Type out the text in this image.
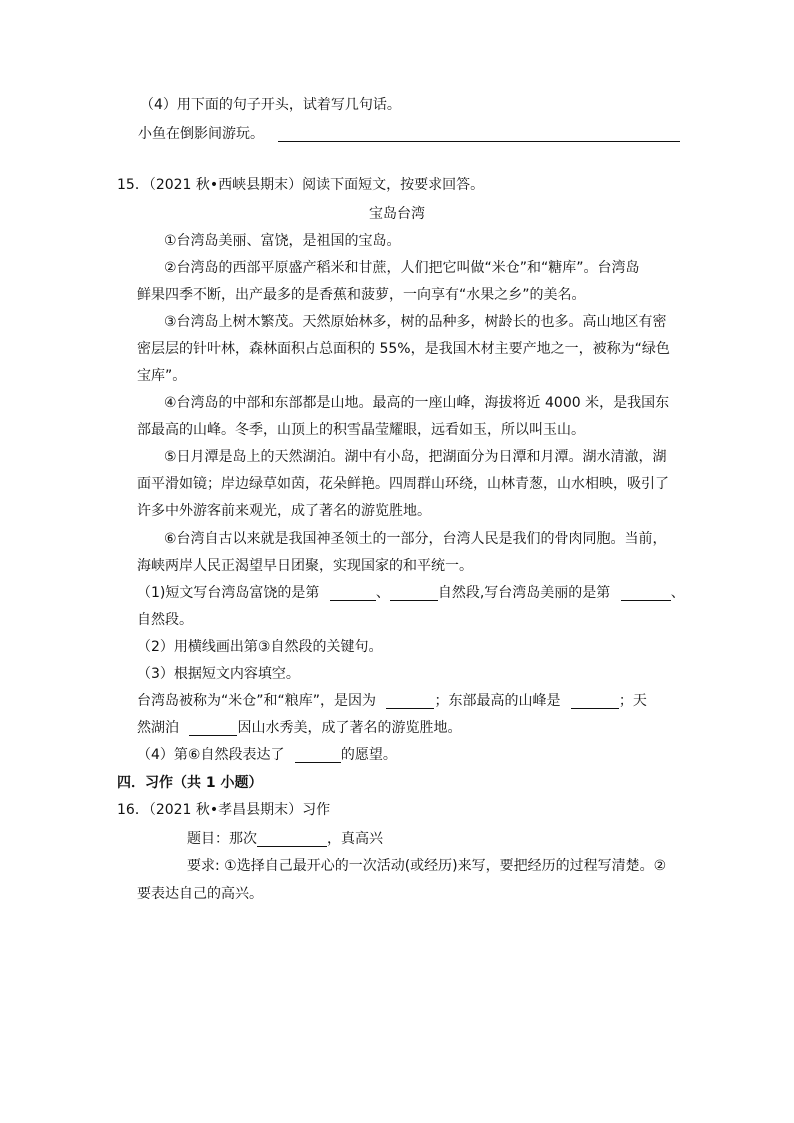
（4）用下面的句子开头，试着写几句话。
小鱼在倒影间游玩。
15．（2021 秋•西峡县期末）阅读下面短文，按要求回答。
宝岛台湾
①台湾岛美丽、富饶，是祖国的宝岛。
②台湾岛的西部平原盛产稻米和甘蔗，人们把它叫做“米仓”和“糖库”。台湾岛
鲜果四季不断，出产最多的是香蕉和菠萝，一向享有“水果之乡”的美名。
③台湾岛上树木繁茂。天然原始林多，树的品种多，树龄长的也多。高山地区有密
密层层的针叶林，森林面积占总面积的 55%，是我国木材主要产地之一，被称为“绿色
宝库”。
④台湾岛的中部和东部都是山地。最高的一座山峰，海拔将近 4000 米，是我国东
部最高的山峰。冬季，山顶上的积雪晶莹耀眼，远看如玉，所以叫玉山。
⑤日月潭是岛上的天然湖泊。湖中有小岛，把湖面分为日潭和月潭。湖水清澈，湖
面平滑如镜；岸边绿草如茵，花朵鲜艳。四周群山环绕，山林青葱，山水相映，吸引了
许多中外游客前来观光，成了著名的游览胜地。
⑥台湾自古以来就是我国神圣领土的一部分，台湾人民是我们的骨肉同胞。当前，
海峡两岸人民正渴望早日团聚，实现国家的和平统一。
（1)短文写台湾岛富饶的是第	、	自然段,写台湾岛美丽的是第	、
自然段。
（2）用横线画出第③自然段的关键句。
（3）根据短文内容填空。
台湾岛被称为“米仓”和“粮库”，是因为	；东部最高的山峰是	；天
然湖泊	因山水秀美，成了著名的游览胜地。
（4）第⑥自然段表达了	的愿望。
四．习作（共 1 小题）
16．（2021 秋•孝昌县期末）习作
题目：那次	，真高兴
要求: ①选择自己最开心的一次活动(或经历)来写，要把经历的过程写清楚。②
要表达自己的高兴。
